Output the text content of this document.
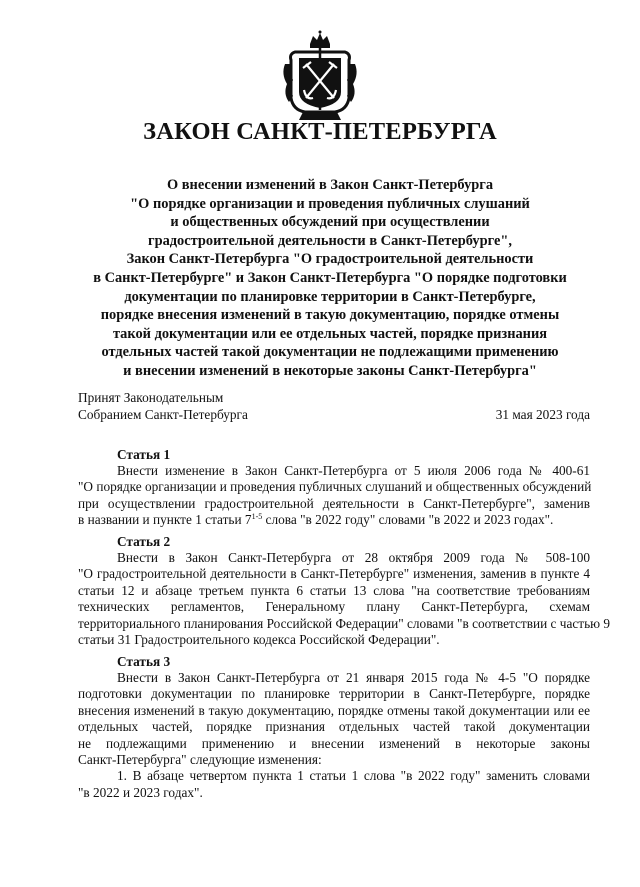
ЗАКОН САНКТ-ПЕТЕРБУРГА
О внесении изменений в Закон Санкт-Петербурга
"О порядке организации и проведения публичных слушаний
и общественных обсуждений при осуществлении
градостроительной деятельности в Санкт-Петербурге",
Закон Санкт-Петербурга "О градостроительной деятельности
в Санкт-Петербурге" и Закон Санкт-Петербурга "О порядке подготовки
документации по планировке территории в Санкт-Петербурге,
порядке внесения изменений в такую документацию, порядке отмены
такой документации или ее отдельных частей, порядке признания
отдельных частей такой документации не подлежащими применению
и внесении изменений в некоторые законы Санкт-Петербурга"
Принят Законодательным
Собранием Санкт-Петербурга	31 мая 2023 года
Статья 1
Внести изменение в Закон Санкт-Петербурга от 5 июля 2006 года № 400-61
"О порядке организации и проведения публичных слушаний и общественных обсуждений
при осуществлении градостроительной деятельности в Санкт-Петербурге", заменив
в названии и пункте 1 статьи 7$^{1-5}$ слова "в 2022 году" словами "в 2022 и 2023 годах".
Статья 2
Внести в Закон Санкт-Петербурга от 28 октября 2009 года № 508-100
"О градостроительной деятельности в Санкт-Петербурге" изменения, заменив в пункте 4
статьи 12 и абзаце третьем пункта 6 статьи 13 слова "на соответствие требованиям
технических регламентов, Генеральному плану Санкт-Петербурга, схемам
территориального планирования Российской Федерации" словами "в соответствии с частью 9
статьи 31 Градостроительного кодекса Российской Федерации".
Статья 3
Внести в Закон Санкт-Петербурга от 21 января 2015 года № 4-5 "О порядке
подготовки документации по планировке территории в Санкт-Петербурге, порядке
внесения изменений в такую документацию, порядке отмены такой документации или ее
отдельных частей, порядке признания отдельных частей такой документации
не подлежащими применению и внесении изменений в некоторые законы
Санкт-Петербурга" следующие изменения:
1. В абзаце четвертом пункта 1 статьи 1 слова "в 2022 году" заменить словами
"в 2022 и 2023 годах".
